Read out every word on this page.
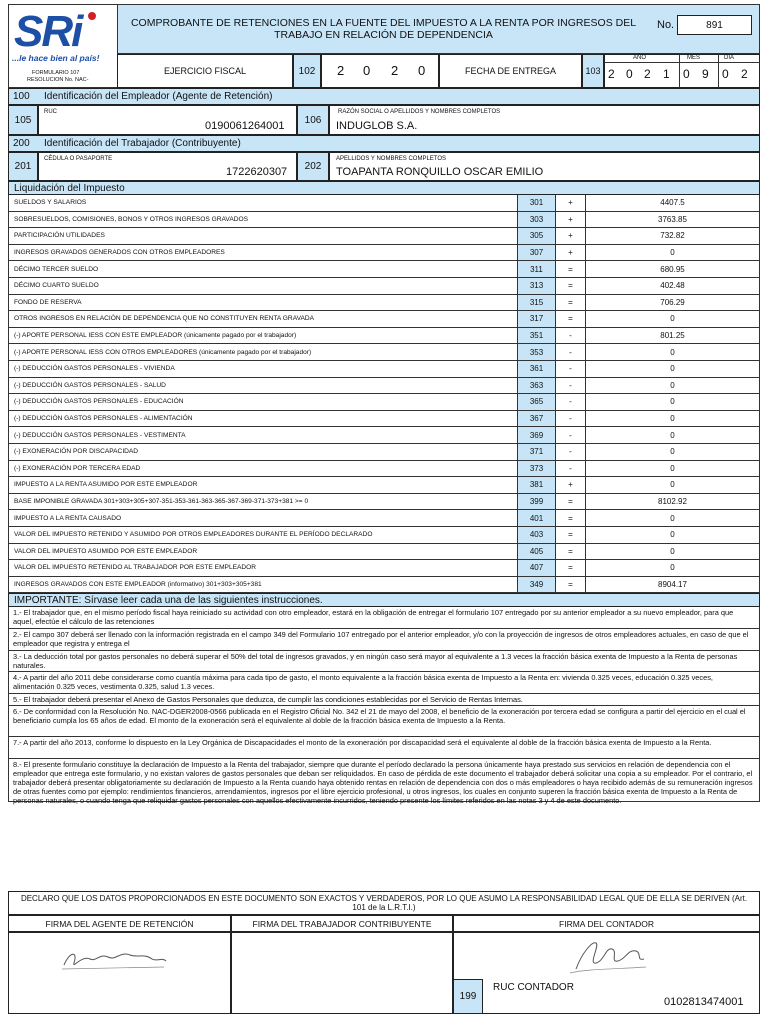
SRi
...le hace bien al país!
FORMULARIO 107
RESOLUCION No. NAC-
COMPROBANTE DE RETENCIONES EN LA FUENTE DEL IMPUESTO A LA RENTA POR INGRESOS DEL TRABAJO EN RELACIÓN DE DEPENDENCIA
No.	891
EJERCICIO FISCAL	102	2 0 2 0	FECHA DE ENTREGA	103
AÑO	MES	DIA
2 0 2 1 0 9 0 2
100	Identificación del Empleador (Agente de Retención)
105
RUC
0190061264001	106
RAZÓN SOCIAL O APELLIDOS Y NOMBRES COMPLETOS
INDUGLOB S.A.
200	Identificación del Trabajador (Contribuyente)
201
CÉDULA O PASAPORTE
1722620307	202
APELLIDOS Y NOMBRES COMPLETOS
TOAPANTA RONQUILLO OSCAR EMILIO
Liquidación del Impuesto
SUELDOS Y SALARIOS	301	+	4407.5
SOBRESUELDOS, COMISIONES, BONOS Y OTROS INGRESOS GRAVADOS	303	+	3763.85
PARTICIPACIÓN UTILIDADES	305	+	732.82
INGRESOS GRAVADOS GENERADOS CON OTROS EMPLEADORES	307	+	0
DÉCIMO TERCER SUELDO	311	=	680.95
DÉCIMO CUARTO SUELDO	313	=	402.48
FONDO DE RESERVA	315	=	706.29
OTROS INGRESOS EN RELACIÓN DE DEPENDENCIA QUE NO CONSTITUYEN RENTA GRAVADA	317	=	0
(-) APORTE PERSONAL IESS CON ESTE EMPLEADOR (únicamente pagado por el trabajador)	351	-	801.25
(-) APORTE PERSONAL IESS CON OTROS EMPLEADORES (únicamente pagado por el trabajador)	353	-	0
(-) DEDUCCIÓN GASTOS PERSONALES - VIVIENDA	361	-	0
(-) DEDUCCIÓN GASTOS PERSONALES - SALUD	363	-	0
(-) DEDUCCIÓN GASTOS PERSONALES - EDUCACIÓN	365	-	0
(-) DEDUCCIÓN GASTOS PERSONALES - ALIMENTACIÓN	367	-	0
(-) DEDUCCIÓN GASTOS PERSONALES - VESTIMENTA	369	-	0
(-) EXONERACIÓN POR DISCAPACIDAD	371	-	0
(-) EXONERACIÓN POR TERCERA EDAD	373	-	0
IMPUESTO A LA RENTA ASUMIDO POR ESTE EMPLEADOR	381	+	0
BASE IMPONIBLE GRAVADA 301+303+305+307-351-353-361-363-365-367-369-371-373+381 >= 0	399	=	8102.92
IMPUESTO A LA RENTA CAUSADO	401	=	0
VALOR DEL IMPUESTO RETENIDO Y ASUMIDO POR OTROS EMPLEADORES DURANTE EL PERÍODO DECLARADO	403	=	0
VALOR DEL IMPUESTO ASUMIDO POR ESTE EMPLEADOR	405	=	0
VALOR DEL IMPUESTO RETENIDO AL TRABAJADOR POR ESTE EMPLEADOR	407	=	0
INGRESOS GRAVADOS CON ESTE EMPLEADOR (informativo) 301+303+305+381	349	=	8904.17
IMPORTANTE: Sírvase leer cada una de las siguientes instrucciones.
1.- El trabajador que, en el mismo período fiscal haya reiniciado su actividad con otro empleador, estará en la obligación de entregar el formulario 107 entregado por su anterior empleador a su nuevo empleador, para que aquel, efectúe el cálculo de las retenciones
2.- El campo 307 deberá ser llenado con la información registrada en el campo 349 del Formulario 107 entregado por el anterior empleador, y/o con la proyección de ingresos de otros empleadores actuales, en caso de que el empleador que registra y entrega el
3.- La deducción total por gastos personales no deberá superar el 50% del total de ingresos gravados, y en ningún caso será mayor al equivalente a 1.3 veces la fracción básica exenta de Impuesto a la Renta de personas naturales.
4.- A partir del año 2011 debe considerarse como cuantía máxima para cada tipo de gasto, el monto equivalente a la fracción básica exenta de Impuesto a la Renta en: vivienda 0.325 veces, educación 0.325 veces, alimentación 0.325 veces, vestimenta 0.325, salud 1.3 veces.
5.- El trabajador deberá presentar el Anexo de Gastos Personales que deduzca, de cumplir las condiciones establecidas por el Servicio de Rentas Internas.
6.- De conformidad con la Resolución No. NAC-DGER2008-0566 publicada en el Registro Oficial No. 342 el 21 de mayo del 2008, el beneficio de la exoneración por tercera edad se configura a partir del ejercicio en el cual el beneficiario cumpla los 65 años de edad. El monto de la exoneración será el equivalente al doble de la fracción básica exenta de Impuesto a la Renta.
7.- A partir del año 2013, conforme lo dispuesto en la Ley Orgánica de Discapacidades el monto de la exoneración por discapacidad será el equivalente al doble de la fracción básica exenta de Impuesto a la Renta.
8.- El presente formulario constituye la declaración de Impuesto a la Renta del trabajador, siempre que durante el período declarado la persona únicamente haya prestado sus servicios en relación de dependencia con el empleador que entrega este formulario, y no existan valores de gastos personales que deban ser reliquidados. En caso de pérdida de este documento el trabajador deberá solicitar una copia a su empleador. Por el contrario, el trabajador deberá presentar obligatoriamente su declaración de Impuesto a la Renta cuando haya obtenido rentas en relación de dependencia con dos o más empleadores o haya recibido además de su remuneración ingresos de otras fuentes como por ejemplo: rendimientos financieros, arrendamientos, ingresos por el libre ejercicio profesional, u otros ingresos, los cuales en conjunto superen la fracción básica exenta de Impuesto a la Renta de personas naturales, o cuando tenga que reliquidar gastos personales con aquellos efectivamente incurridos, teniendo presente los límites referidos en las notas 3 y 4 de este documento.
DECLARO QUE LOS DATOS PROPORCIONADOS EN ESTE DOCUMENTO SON EXACTOS Y VERDADEROS, POR LO QUE ASUMO LA RESPONSABILIDAD LEGAL QUE DE ELLA SE DERIVEN (Art. 101 de la L.R.T.I.)
FIRMA DEL AGENTE DE RETENCIÓN	FIRMA DEL TRABAJADOR CONTRIBUYENTE	FIRMA DEL CONTADOR
199
RUC CONTADOR
0102813474001
